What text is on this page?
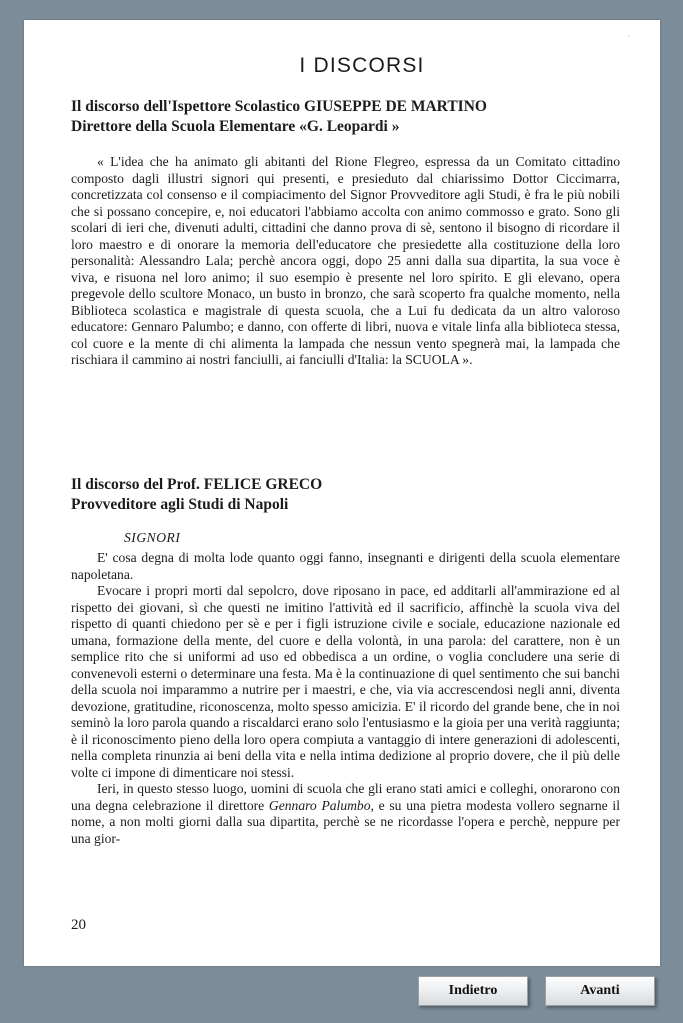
·
I DISCORSI
Il discorso dell'Ispettore Scolastico GIUSEPPE DE MARTINO
Direttore della Scuola Elementare «G. Leopardi »

« L'idea che ha animato gli abitanti del Rione Flegreo, espressa da un Comitato cittadino composto dagli illustri signori qui presenti, e presieduto dal chiarissimo Dottor Ciccimarra, concretizzata col consenso e il compiacimento del Signor Provveditore agli Studi, è fra le più nobili che si possano concepire, e, noi educatori l'abbiamo accolta con animo commosso e grato. Sono gli scolari di ieri che, divenuti adulti, cittadini che danno prova di sè, sentono il bisogno di ricordare il loro maestro e di onorare la memoria dell'educatore che presiedette alla costituzione della loro personalità: Alessandro Lala; perchè ancora oggi, dopo 25 anni dalla sua dipartita, la sua voce è viva, e risuona nel loro animo; il suo esempio è presente nel loro spirito. E gli elevano, opera pregevole dello scultore Monaco, un busto in bronzo, che sarà scoperto fra qualche momento, nella Biblioteca scolastica e magistrale di questa scuola, che a Lui fu dedicata da un altro valoroso educatore: Gennaro Palumbo; e danno, con offerte di libri, nuova e vitale linfa alla biblioteca stessa, col cuore e la mente di chi alimenta la lampada che nessun vento spegnerà mai, la lampada che rischiara il cammino ai nostri fanciulli, ai fanciulli d'Italia: la SCUOLA ».

Il discorso del Prof. FELICE GRECO
Provveditore agli Studi di Napoli

SIGNORI

E' cosa degna di molta lode quanto oggi fanno, insegnanti e dirigenti della scuola elementare napoletana.

Evocare i propri morti dal sepolcro, dove riposano in pace, ed additarli all'ammirazione ed al rispetto dei giovani, sì che questi ne imitino l'attività ed il sacrificio, affinchè la scuola viva del rispetto di quanti chiedono per sè e per i figli istruzione civile e sociale, educazione nazionale ed umana, formazione della mente, del cuore e della volontà, in una parola: del carattere, non è un semplice rito che si uniformi ad uso ed obbedisca a un ordine, o voglia concludere una serie di convenevoli esterni o determinare una festa. Ma è la continuazione di quel sentimento che sui banchi della scuola noi imparammo a nutrire per i maestri, e che, via via accrescendosi negli anni, diventa devozione, gratitudine, riconoscenza, molto spesso amicizia. E' il ricordo del grande bene, che in noi seminò la loro parola quando a riscaldarci erano solo l'entusiasmo e la gioia per una verità raggiunta; è il riconoscimento pieno della loro opera compiuta a vantaggio di intere generazioni di adolescenti, nella completa rinunzia ai beni della vita e nella intima dedizione al proprio dovere, che il più delle volte ci impone di dimenticare noi stessi.

Ieri, in questo stesso luogo, uomini di scuola che gli erano stati amici e colleghi, onorarono con una degna celebrazione il direttore Gennaro Palumbo, e su una pietra modesta vollero segnarne il nome, a non molti giorni dalla sua dipartita, perchè se ne ricordasse l'opera e perchè, neppure per una gior-

20

Indietro	Avanti
